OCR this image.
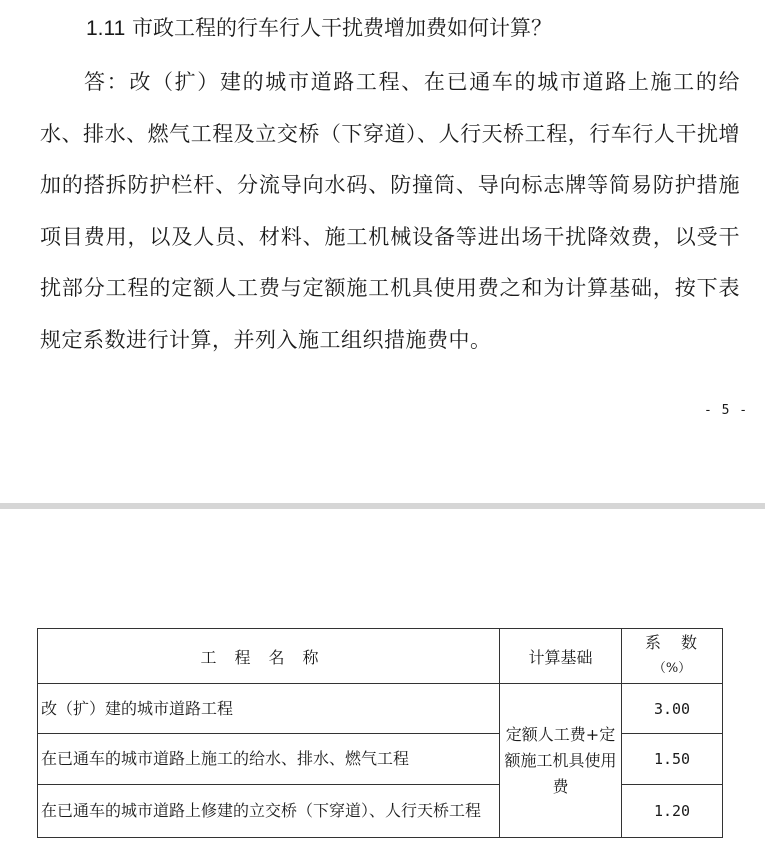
1.11 市政工程的行车行人干扰费增加费如何计算？
答：改（扩）建的城市道路工程、在已通车的城市道路上施工的给水、排水、燃气工程及立交桥（下穿道）、人行天桥工程，行车行人干扰增加的搭拆防护栏杆、分流导向水码、防撞筒、导向标志牌等简易防护措施项目费用，以及人员、材料、施工机械设备等进出场干扰降效费，以受干扰部分工程的定额人工费与定额施工机具使用费之和为计算基础，按下表规定系数进行计算，并列入施工组织措施费中。
- 5 -
工程名称	计算基础	系数
（%）

改（扩）建的城市道路工程	定额人工费+定额施工机具使用费	3.00
在已通车的城市道路上施工的给水、排水、燃气工程		1.50
在已通车的城市道路上修建的立交桥（下穿道）、人行天桥工程		1.20
